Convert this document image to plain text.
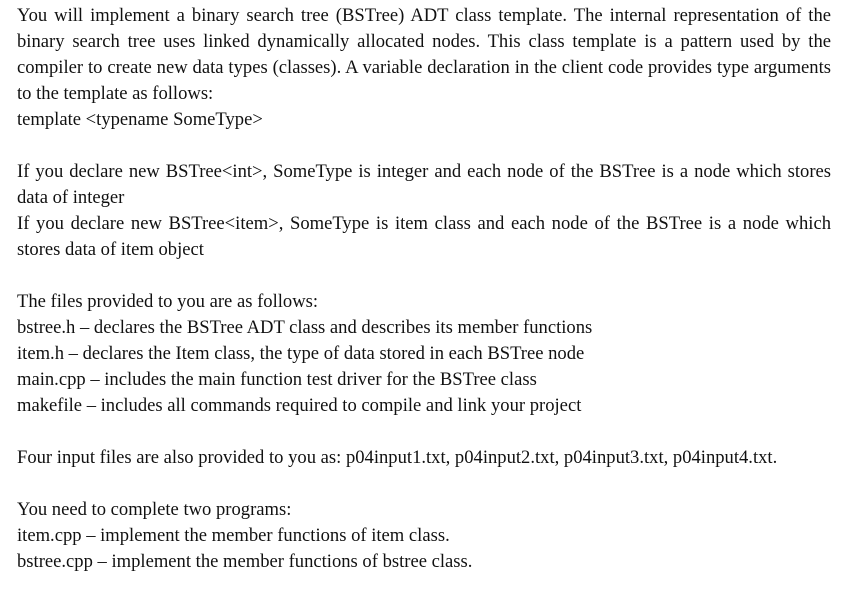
You will implement a binary search tree (BSTree) ADT class template. The internal representation of the binary search tree uses linked dynamically allocated nodes. This class template is a pattern used by the compiler to create new data types (classes). A variable declaration in the client code provides type arguments to the template as follows:

template <typename SomeType>

If you declare new BSTree<int>, SomeType is integer and each node of the BSTree is a node which stores data of integer

If you declare new BSTree<item>, SomeType is item class and each node of the BSTree is a node which stores data of item object

The files provided to you are as follows:
bstree.h – declares the BSTree ADT class and describes its member functions
item.h – declares the Item class, the type of data stored in each BSTree node
main.cpp – includes the main function test driver for the BSTree class
makefile – includes all commands required to compile and link your project
Four input files are also provided to you as: p04input1.txt, p04input2.txt, p04input3.txt, p04input4.txt.
You need to complete two programs:
item.cpp – implement the member functions of item class.
bstree.cpp – implement the member functions of bstree class.
